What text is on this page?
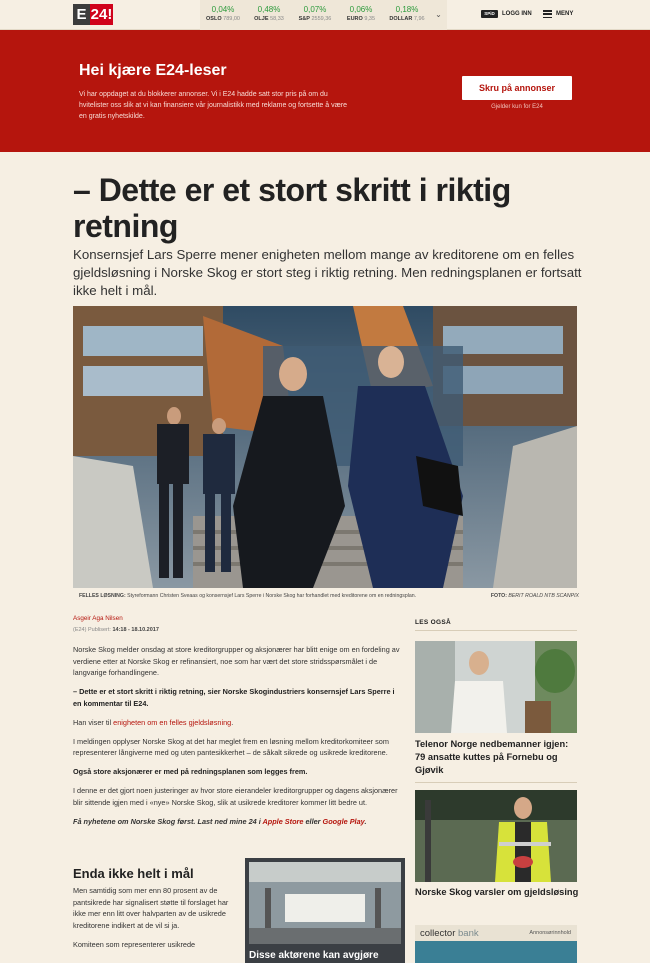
E 24!	0,04%
OSLO 789,00
0,48%
OLJE 58,33
0,07%
S&P 2559,36
0,06%
EURO 9,35
0,18%
DOLLAR 7,96	⌄	SPiD	LOGG INN	MENY
Hei kjære E24-leser

Vi har oppdaget at du blokkerer annonser. Vi i E24 hadde satt stor pris på om du hvitelister oss slik at vi kan finansiere vår journalistikk med reklame og fortsette å være en gratis nyhetskilde.

Skru på annonser
Gjelder kun for E24
– Dette er et stort skritt i riktig retning
Konsernsjef Lars Sperre mener enigheten mellom mange av kreditorene om en felles gjeldsløsning i Norske Skog er stort steg i riktig retning. Men redningsplanen er fortsatt ikke helt i mål.
FELLES LØSNING: Styreformann Christen Sveaas og konsernsjef Lars Sperre i Norske Skog har forhandlet med kreditorene om en redningsplan.	FOTO: BERIT ROALD NTB SCANPIX
Asgeir Aga Nilsen
(E24) Publisert: 14:18 - 18.10.2017

Norske Skog melder onsdag at store kreditorgrupper og aksjonærer har blitt enige om en fordeling av verdiene etter at Norske Skog er refinansiert, noe som har vært det store stridsspørsmålet i de langvarige forhandlingene.

– Dette er et stort skritt i riktig retning, sier Norske Skogindustriers konsernsjef Lars Sperre i en kommentar til E24.

Han viser til enigheten om en felles gjeldsløsning.

I meldingen opplyser Norske Skog at det har meglet frem en løsning mellom kreditorkomiteer som representerer långiverne med og uten pantesikkerhet – de såkalt sikrede og usikrede kreditorene.

Også store aksjonærer er med på redningsplanen som legges frem.

I denne er det gjort noen justeringer av hvor store eierandeler kreditorgrupper og dagens aksjonærer blir sittende igjen med i «nye» Norske Skog, slik at usikrede kreditorer kommer litt bedre ut.

Få nyhetene om Norske Skog først. Last ned mine 24 i Apple Store eller Google Play.

Enda ikke helt i mål

Men samtidig som mer enn 80 prosent av de pantsikrede har signalisert støtte til forslaget har ikke mer enn litt over halvparten av de usikrede kreditorene indikert at de vil si ja.

Komiteen som representerer usikrede

Disse aktørene kan avgjøre
LES OGSÅ
Telenor Norge nedbemanner igjen: 79 ansatte kuttes på Fornebu og Gjøvik
Norske Skog varsler om gjeldsløsing
collector bank	Annonsørinnhold
